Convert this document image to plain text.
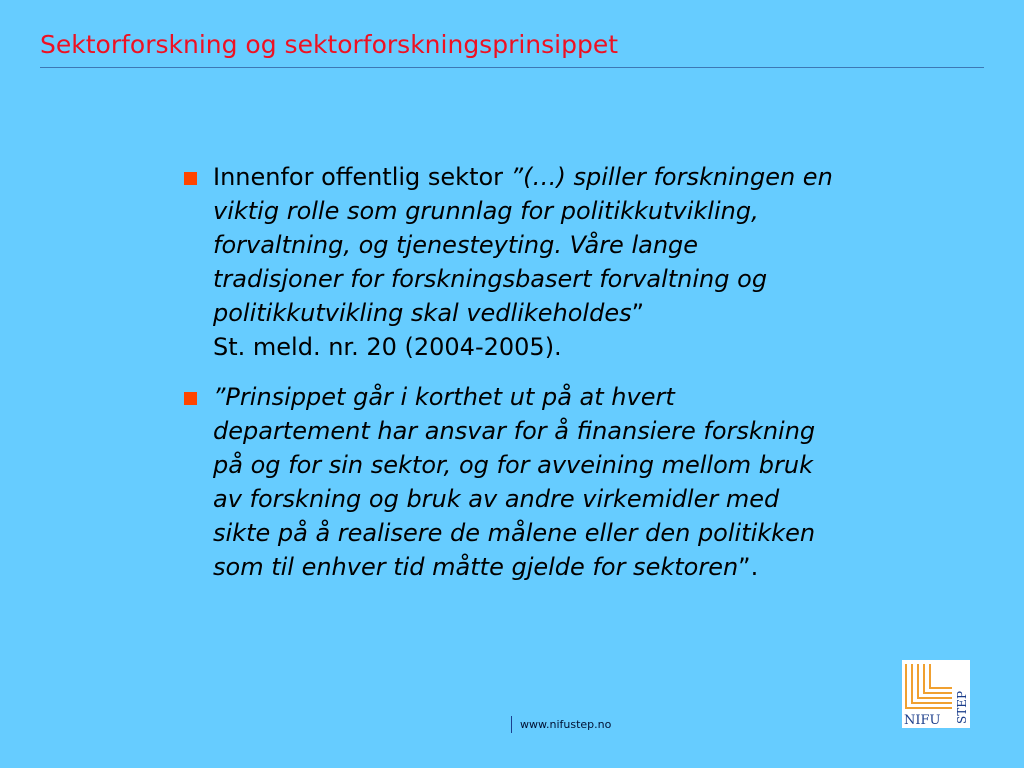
Sektorforskning og sektorforskningsprinsippet
Innenfor offentlig sektor ”(…) spiller forskningen en
viktig rolle som grunnlag for politikkutvikling,
forvaltning, og tjenesteyting. Våre lange
tradisjoner for forskningsbasert forvaltning og
politikkutvikling skal vedlikeholdes”
St. meld. nr. 20 (2004-2005).
”Prinsippet går i korthet ut på at hvert
departement har ansvar for å finansiere forskning
på og for sin sektor, og for avveining mellom bruk
av forskning og bruk av andre virkemidler med
sikte på å realisere de målene eller den politikken
som til enhver tid måtte gjelde for sektoren”.
www.nifustep.no	NIFU STEP
